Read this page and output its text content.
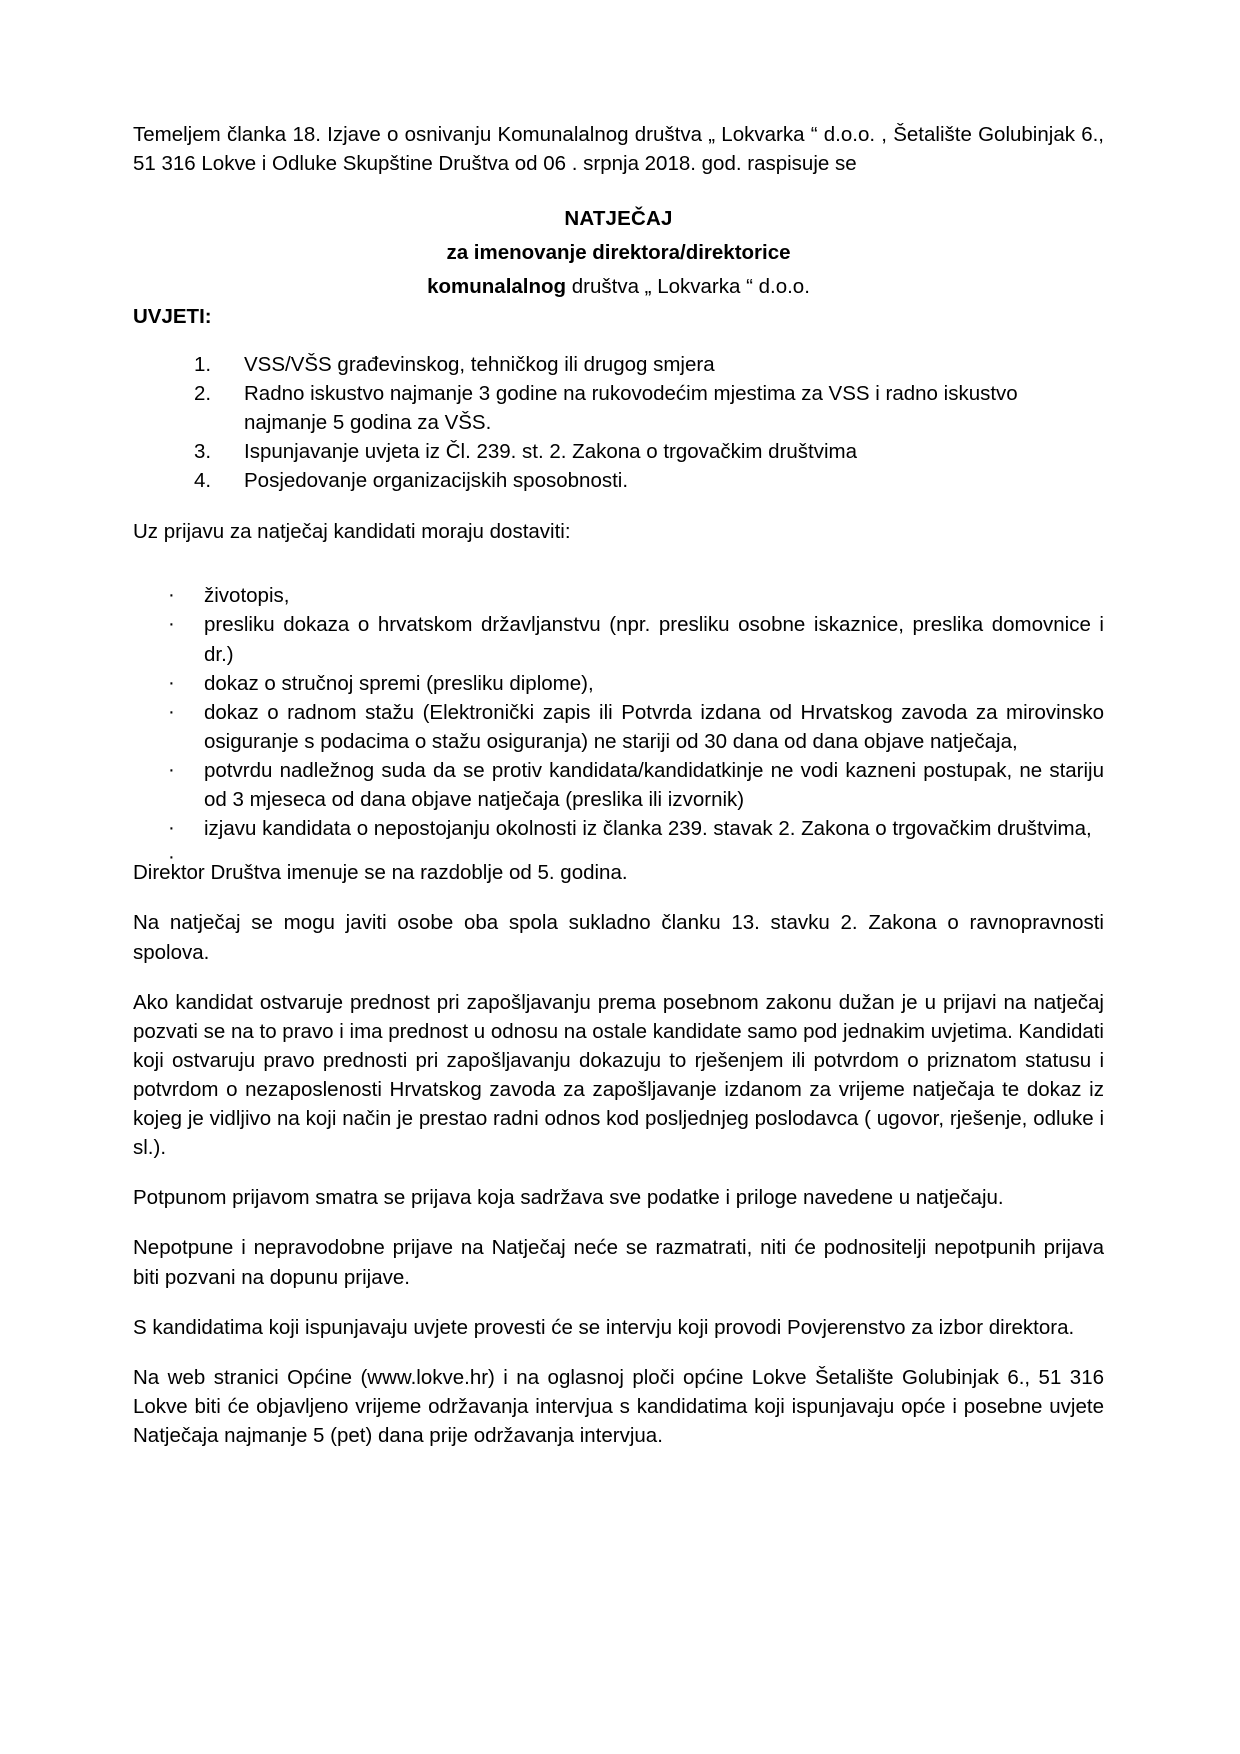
Temeljem članka 18. Izjave o osnivanju Komunalalnog društva „ Lokvarka “ d.o.o. , Šetalište Golubinjak 6., 51 316 Lokve i Odluke Skupštine Društva od 06 . srpnja 2018. god. raspisuje se

NATJEČAJ
za imenovanje direktora/direktorice
komunalalnog društva „ Lokvarka “ d.o.o.
UVJETI:
VSS/VŠS građevinskog, tehničkog ili drugog smjera
Radno iskustvo najmanje 3 godine na rukovodećim mjestima za VSS i radno iskustvo najmanje 5 godina za VŠS.
Ispunjavanje uvjeta iz Čl. 239. st. 2. Zakona o trgovačkim društvima
Posjedovanje organizacijskih sposobnosti.

Uz prijavu za natječaj kandidati moraju dostaviti:

· životopis,
· presliku dokaza o hrvatskom državljanstvu (npr. presliku osobne iskaznice, preslika domovnice i dr.)
· dokaz o stručnoj spremi (presliku diplome),
· dokaz o radnom stažu (Elektronički zapis ili Potvrda izdana od Hrvatskog zavoda za mirovinsko osiguranje s podacima o stažu osiguranja) ne stariji od 30 dana od dana objave natječaja,
· potvrdu nadležnog suda da se protiv kandidata/kandidatkinje ne vodi kazneni postupak, ne stariju od 3 mjeseca od dana objave natječaja (preslika ili izvornik)
· izjavu kandidata o nepostojanju okolnosti iz članka 239. stavak 2. Zakona o trgovačkim društvima,
·

Direktor Društva imenuje se na razdoblje od 5. godina.

Na natječaj se mogu javiti osobe oba spola sukladno članku 13. stavku 2. Zakona o ravnopravnosti spolova.

Ako kandidat ostvaruje prednost pri zapošljavanju prema posebnom zakonu dužan je u prijavi na natječaj pozvati se na to pravo i ima prednost u odnosu na ostale kandidate samo pod jednakim uvjetima. Kandidati koji ostvaruju pravo prednosti pri zapošljavanju dokazuju to rješenjem ili potvrdom o priznatom statusu i potvrdom o nezaposlenosti Hrvatskog zavoda za zapošljavanje izdanom za vrijeme natječaja te dokaz iz kojeg je vidljivo na koji način je prestao radni odnos kod posljednjeg poslodavca ( ugovor, rješenje, odluke i sl.).

Potpunom prijavom smatra se prijava koja sadržava sve podatke i priloge navedene u natječaju.

Nepotpune i nepravodobne prijave na Natječaj neće se razmatrati, niti će podnositelji nepotpunih prijava biti pozvani na dopunu prijave.

S kandidatima koji ispunjavaju uvjete provesti će se intervju koji provodi Povjerenstvo za izbor direktora.

Na web stranici Općine (www.lokve.hr) i na oglasnoj ploči općine Lokve Šetalište Golubinjak 6., 51 316 Lokve biti će objavljeno vrijeme održavanja intervjua s kandidatima koji ispunjavaju opće i posebne uvjete Natječaja najmanje 5 (pet) dana prije održavanja intervjua.
